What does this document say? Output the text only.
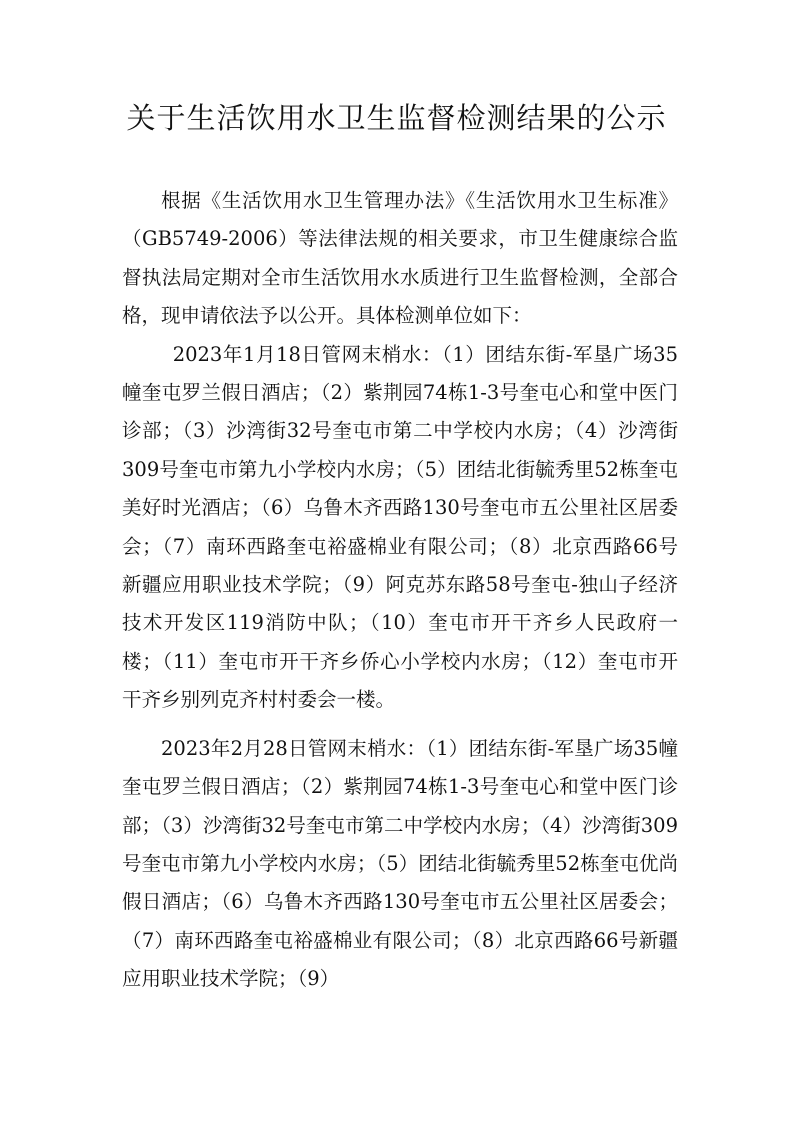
关于生活饮用水卫生监督检测结果的公示

根据《生活饮用水卫生管理办法》《生活饮用水卫生标准》（GB5749-2006）等法律法规的相关要求，市卫生健康综合监督执法局定期对全市生活饮用水水质进行卫生监督检测，全部合格，现申请依法予以公开。具体检测单位如下：

2023年1月18日管网末梢水：（1）团结东街-军垦广场35幢奎屯罗兰假日酒店；（2）紫荆园74栋1-3号奎屯心和堂中医门诊部；（3）沙湾街32号奎屯市第二中学校内水房；（4）沙湾街309号奎屯市第九小学校内水房；（5）团结北街毓秀里52栋奎屯美好时光酒店；（6）乌鲁木齐西路130号奎屯市五公里社区居委会；（7）南环西路奎屯裕盛棉业有限公司；（8）北京西路66号新疆应用职业技术学院；（9）阿克苏东路58号奎屯-独山子经济技术开发区119消防中队；（10）奎屯市开干齐乡人民政府一楼；（11）奎屯市开干齐乡侨心小学校内水房；（12）奎屯市开干齐乡别列克齐村村委会一楼。

2023年2月28日管网末梢水：（1）团结东街-军垦广场35幢奎屯罗兰假日酒店；（2）紫荆园74栋1-3号奎屯心和堂中医门诊部；（3）沙湾街32号奎屯市第二中学校内水房；（4）沙湾街309号奎屯市第九小学校内水房；（5）团结北街毓秀里52栋奎屯优尚假日酒店；（6）乌鲁木齐西路130号奎屯市五公里社区居委会；（7）南环西路奎屯裕盛棉业有限公司；（8）北京西路66号新疆应用职业技术学院；（9）
